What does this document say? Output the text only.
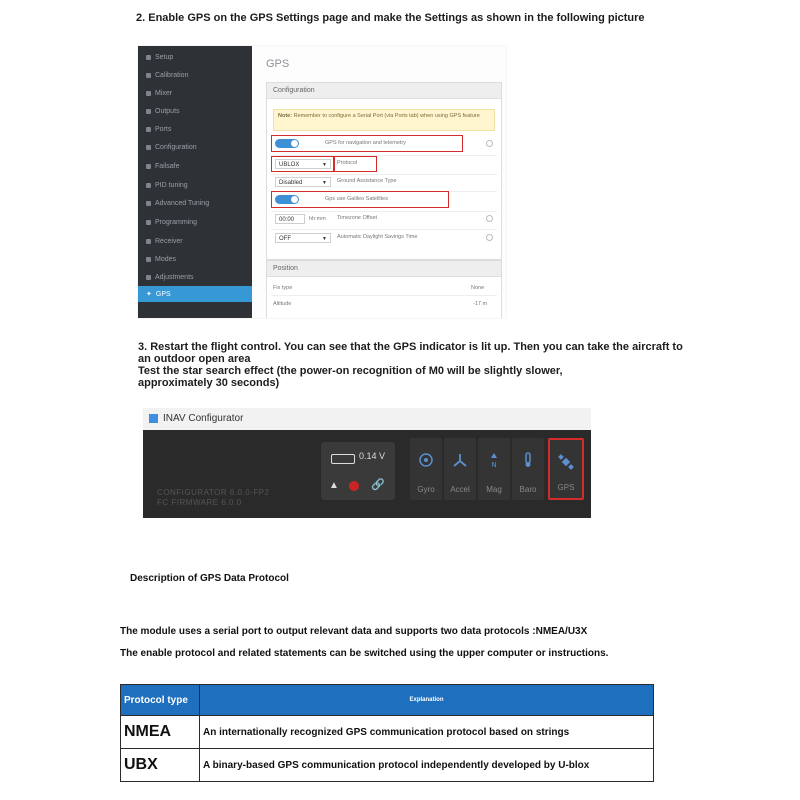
2. Enable GPS on the GPS Settings page and make the Settings as shown in the following picture
Setup
Calibration
Mixer
Outputs
Ports
Configuration
Failsafe
PID tuning
Advanced Tuning
Programming
Receiver
Modes
Adjustments
✦ GPS
GPS
Configuration
Note: Remember to configure a Serial Port (via Ports tab) when using GPS feature
GPS for navigation and telemetry
UBLOX	▼ Protocol
Disabled	▼ Ground Assistance Type
Gps use Galileo Satellites
00:00	hh:mm Timezone Offset
OFF	▼ Automatic Daylight Savings Time
Position
Fix type	None
Altitude	-17 m
3. Restart the flight control. You can see that the GPS indicator is lit up. Then you can take the aircraft to
an outdoor open area
Test the star search effect (the power-on recognition of M0 will be slightly slower,
approximately 30 seconds)
INAV Configurator
CONFIGURATOR 6.0.0-FP2
FC FIRMWARE 6.0.0
0.14 V
▲	🔗	Gyro	Accel
N
Mag	Baro	GPS
Description of GPS Data Protocol
The module uses a serial port to output relevant data and supports two data protocols :NMEA/U3X
The enable protocol and related statements can be switched using the upper computer or instructions.
Protocol type	Explanation
NMEA	An internationally recognized GPS communication protocol based on strings
UBX	A binary-based GPS communication protocol independently developed by U-blox
